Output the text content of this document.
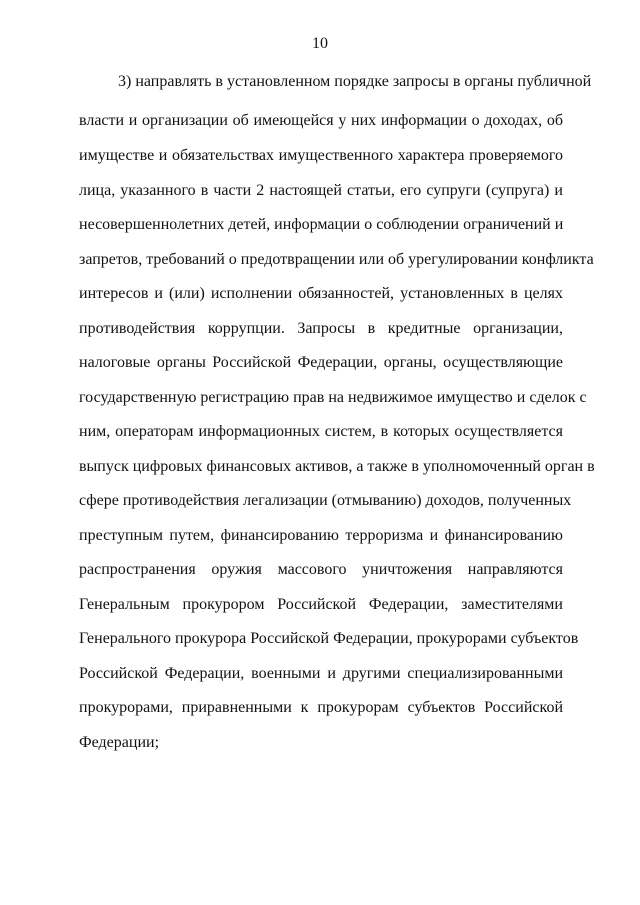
10
3) направлять в установленном порядке запросы в органы публичной
власти и организации об имеющейся у них информации о доходах, об
имуществе и обязательствах имущественного характера проверяемого
лица, указанного в части 2 настоящей статьи, его супруги (супруга) и
несовершеннолетних детей, информации о соблюдении ограничений и
запретов, требований о предотвращении или об урегулировании конфликта
интересов и (или) исполнении обязанностей, установленных в целях
противодействия коррупции. Запросы в кредитные организации,
налоговые органы Российской Федерации, органы, осуществляющие
государственную регистрацию прав на недвижимое имущество и сделок с
ним, операторам информационных систем, в которых осуществляется
выпуск цифровых финансовых активов, а также в уполномоченный орган в
сфере противодействия легализации (отмыванию) доходов, полученных
преступным путем, финансированию терроризма и финансированию
распространения оружия массового уничтожения направляются
Генеральным прокурором Российской Федерации, заместителями
Генерального прокурора Российской Федерации, прокурорами субъектов
Российской Федерации, военными и другими специализированными
прокурорами, приравненными к прокурорам субъектов Российской
Федерации;
